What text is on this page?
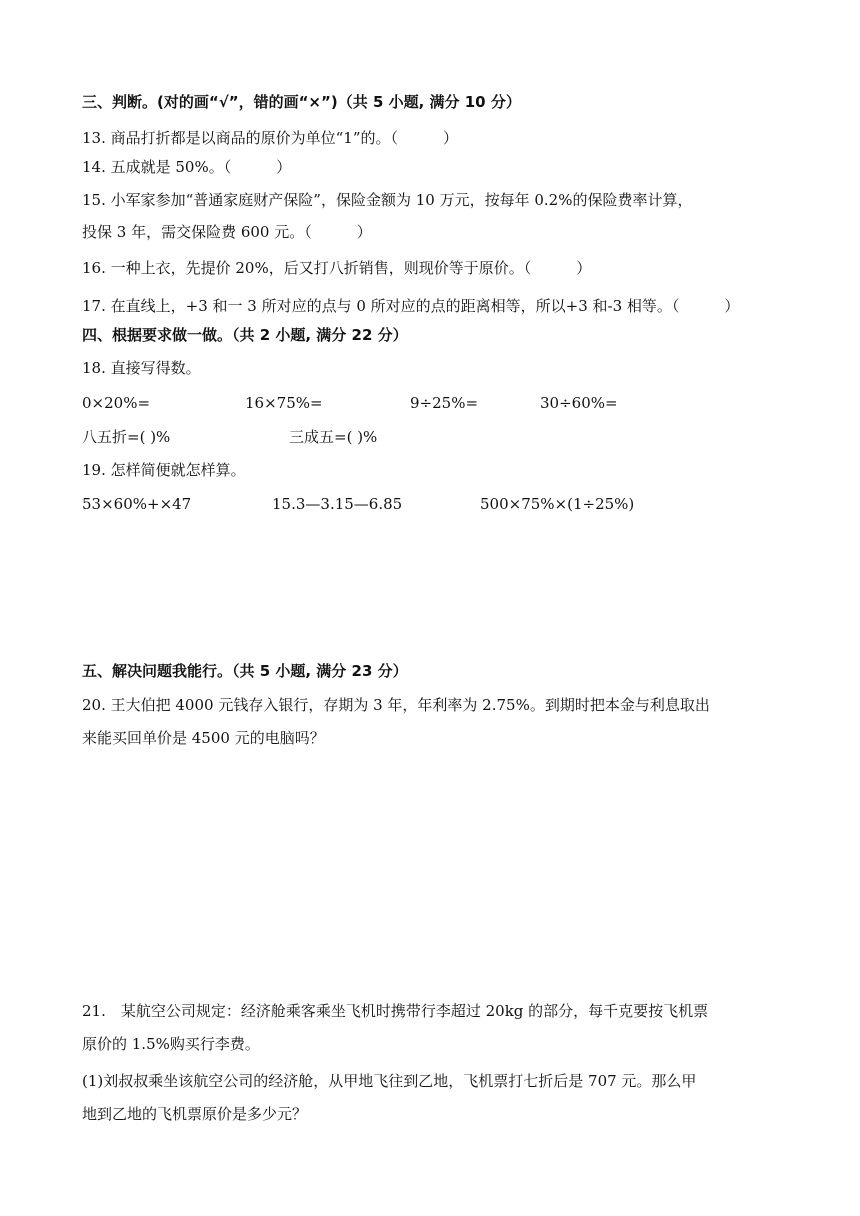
三、判断。(对的画“√”，错的画“×”)（共 5 小题, 满分 10 分）
13. 商品打折都是以商品的原价为单位“1”的。（　　　）
14. 五成就是 50%。（　　　）
15. 小军家参加“普通家庭财产保险”，保险金额为 10 万元，按每年 0.2%的保险费率计算，
投保 3 年，需交保险费 600 元。（　　　）
16. 一种上衣，先提价 20%，后又打八折销售，则现价等于原价。（　　　）
17. 在直线上，+3 和一 3 所对应的点与 0 所对应的点的距离相等，所以+3 和-3 相等。（　　　）
四、根据要求做一做。（共 2 小题, 满分 22 分）
18. 直接写得数。
0×20%=	16×75%=	9÷25%=	30÷60%=
八五折=( )%	三成五=( )%
19. 怎样简便就怎样算。
53×60%+×47	15.3—3.15—6.85	500×75%×(1÷25%)
五、解决问题我能行。（共 5 小题, 满分 23 分）
20. 王大伯把 4000 元钱存入银行，存期为 3 年，年利率为 2.75%。到期时把本金与利息取出
来能买回单价是 4500 元的电脑吗？
21.　某航空公司规定：经济舱乘客乘坐飞机时携带行李超过 20kg 的部分，每千克要按飞机票
原价的 1.5%购买行李费。
(1)刘叔叔乘坐该航空公司的经济舱，从甲地飞往到乙地，飞机票打七折后是 707 元。那么甲
地到乙地的飞机票原价是多少元？
